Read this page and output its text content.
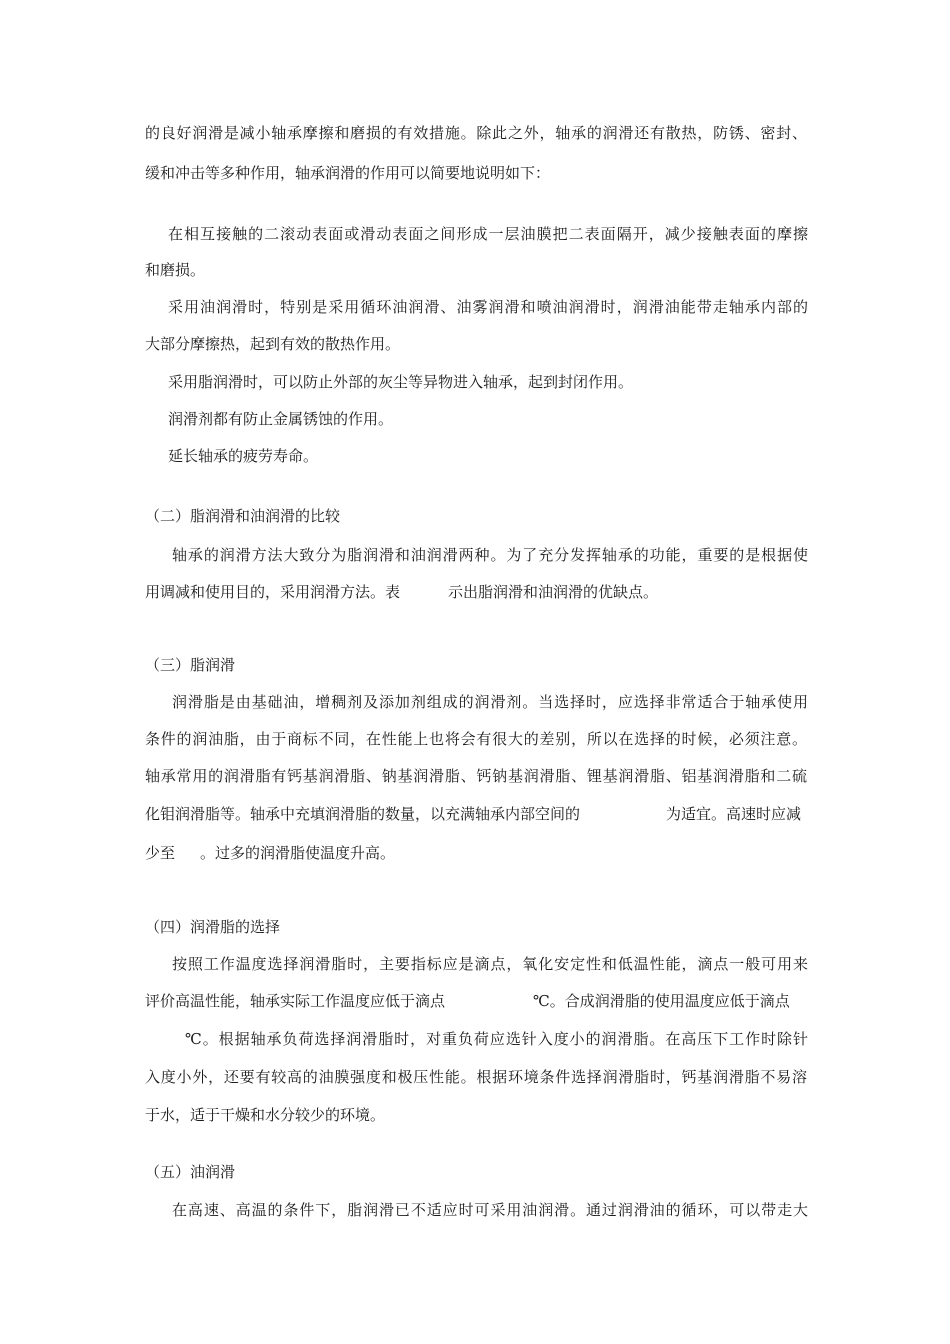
的良好润滑是减小轴承摩擦和磨损的有效措施。除此之外，轴承的润滑还有散热，防锈、密封、

缓和冲击等多种作用，轴承润滑的作用可以简要地说明如下：

在相互接触的二滚动表面或滑动表面之间形成一层油膜把二表面隔开，减少接触表面的摩擦

和磨损。

采用油润滑时，特别是采用循环油润滑、油雾润滑和喷油润滑时，润滑油能带走轴承内部的

大部分摩擦热，起到有效的散热作用。

采用脂润滑时，可以防止外部的灰尘等异物进入轴承，起到封闭作用。

润滑剂都有防止金属锈蚀的作用。

延长轴承的疲劳寿命。

（二）脂润滑和油润滑的比较

轴承的润滑方法大致分为脂润滑和油润滑两种。为了充分发挥轴承的功能，重要的是根据使

用调减和使用目的，采用润滑方法。表	示出脂润滑和油润滑的优缺点。

（三）脂润滑

润滑脂是由基础油，增稠剂及添加剂组成的润滑剂。当选择时，应选择非常适合于轴承使用

条件的润油脂，由于商标不同，在性能上也将会有很大的差别，所以在选择的时候，必须注意。

轴承常用的润滑脂有钙基润滑脂、钠基润滑脂、钙钠基润滑脂、锂基润滑脂、铝基润滑脂和二硫

化钼润滑脂等。轴承中充填润滑脂的数量，以充满轴承内部空间的	为适宜。高速时应减

少至 。过多的润滑脂使温度升高。

（四）润滑脂的选择

按照工作温度选择润滑脂时，主要指标应是滴点，氧化安定性和低温性能，滴点一般可用来

评价高温性能，轴承实际工作温度应低于滴点	℃。合成润滑脂的使用温度应低于滴点

℃。根据轴承负荷选择润滑脂时，对重负荷应选针入度小的润滑脂。在高压下工作时除针

入度小外，还要有较高的油膜强度和极压性能。根据环境条件选择润滑脂时，钙基润滑脂不易溶

于水，适于干燥和水分较少的环境。

（五）油润滑

在高速、高温的条件下，脂润滑已不适应时可采用油润滑。通过润滑油的循环，可以带走大
